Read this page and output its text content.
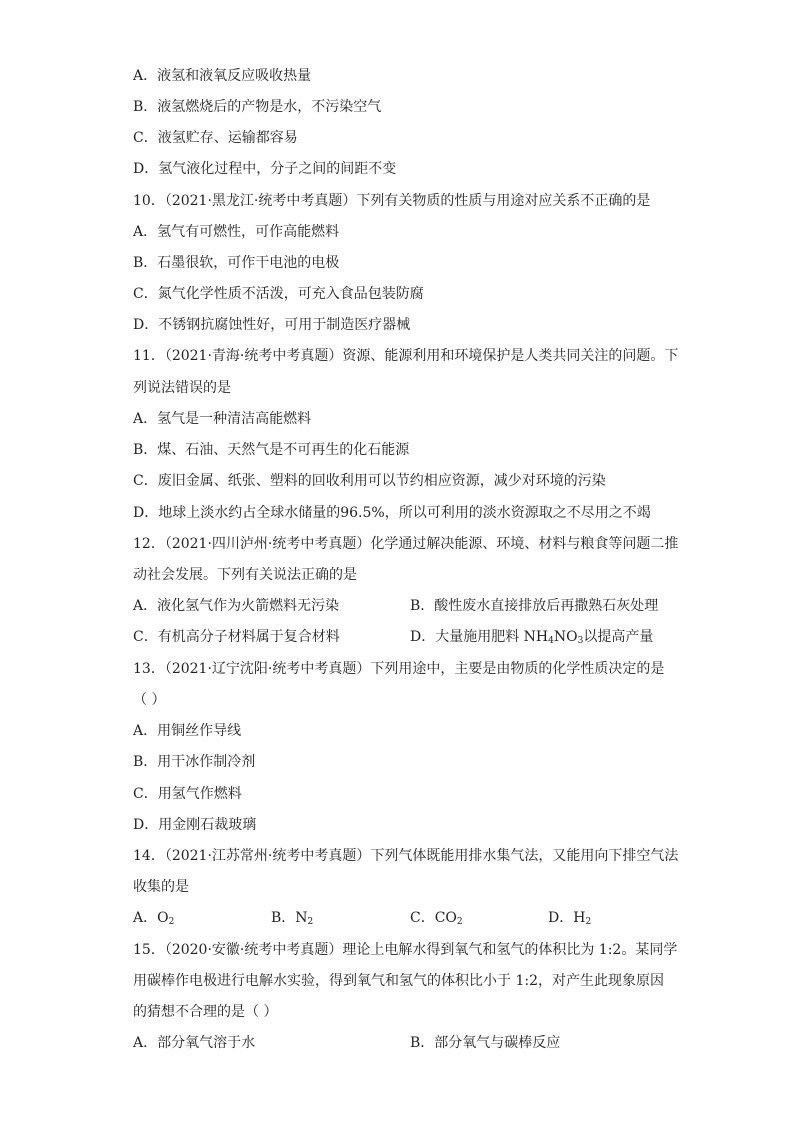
A．液氢和液氧反应吸收热量
B．液氢燃烧后的产物是水，不污染空气
C．液氢贮存、运输都容易
D．氢气液化过程中，分子之间的间距不变
10．（2021·黑龙江·统考中考真题）下列有关物质的性质与用途对应关系不正确的是
A．氢气有可燃性，可作高能燃料
B．石墨很软，可作干电池的电极
C．氮气化学性质不活泼，可充入食品包装防腐
D．不锈钢抗腐蚀性好，可用于制造医疗器械
11．（2021·青海·统考中考真题）资源、能源利用和环境保护是人类共同关注的问题。下
列说法错误的是
A．氢气是一种清洁高能燃料
B．煤、石油、天然气是不可再生的化石能源
C．废旧金属、纸张、塑料的回收利用可以节约相应资源，减少对环境的污染
D．地球上淡水约占全球水储量的96.5%，所以可利用的淡水资源取之不尽用之不竭
12．（2021·四川泸州·统考中考真题）化学通过解决能源、环境、材料与粮食等问题二推
动社会发展。下列有关说法正确的是
A．液化氢气作为火箭燃料无污染	B．酸性废水直接排放后再撒熟石灰处理
C．有机高分子材料属于复合材料	D．大量施用肥料 $NH_4NO_3$以提高产量
13．（2021·辽宁沈阳·统考中考真题）下列用途中，主要是由物质的化学性质决定的是
（ ）
A．用铜丝作导线
B．用干冰作制冷剂
C．用氢气作燃料
D．用金刚石裁玻璃
14．（2021·江苏常州·统考中考真题）下列气体既能用排水集气法，又能用向下排空气法
收集的是
A．$O_2$	B．$N_2$	C．$CO_2$	D．$H_2$
15．（2020·安徽·统考中考真题）理论上电解水得到氧气和氢气的体积比为 1:2。某同学
用碳棒作电极进行电解水实验，得到氧气和氢气的体积比小于 1:2，对产生此现象原因
的猜想不合理的是（ ）
A．部分氧气溶于水	B．部分氧气与碳棒反应
